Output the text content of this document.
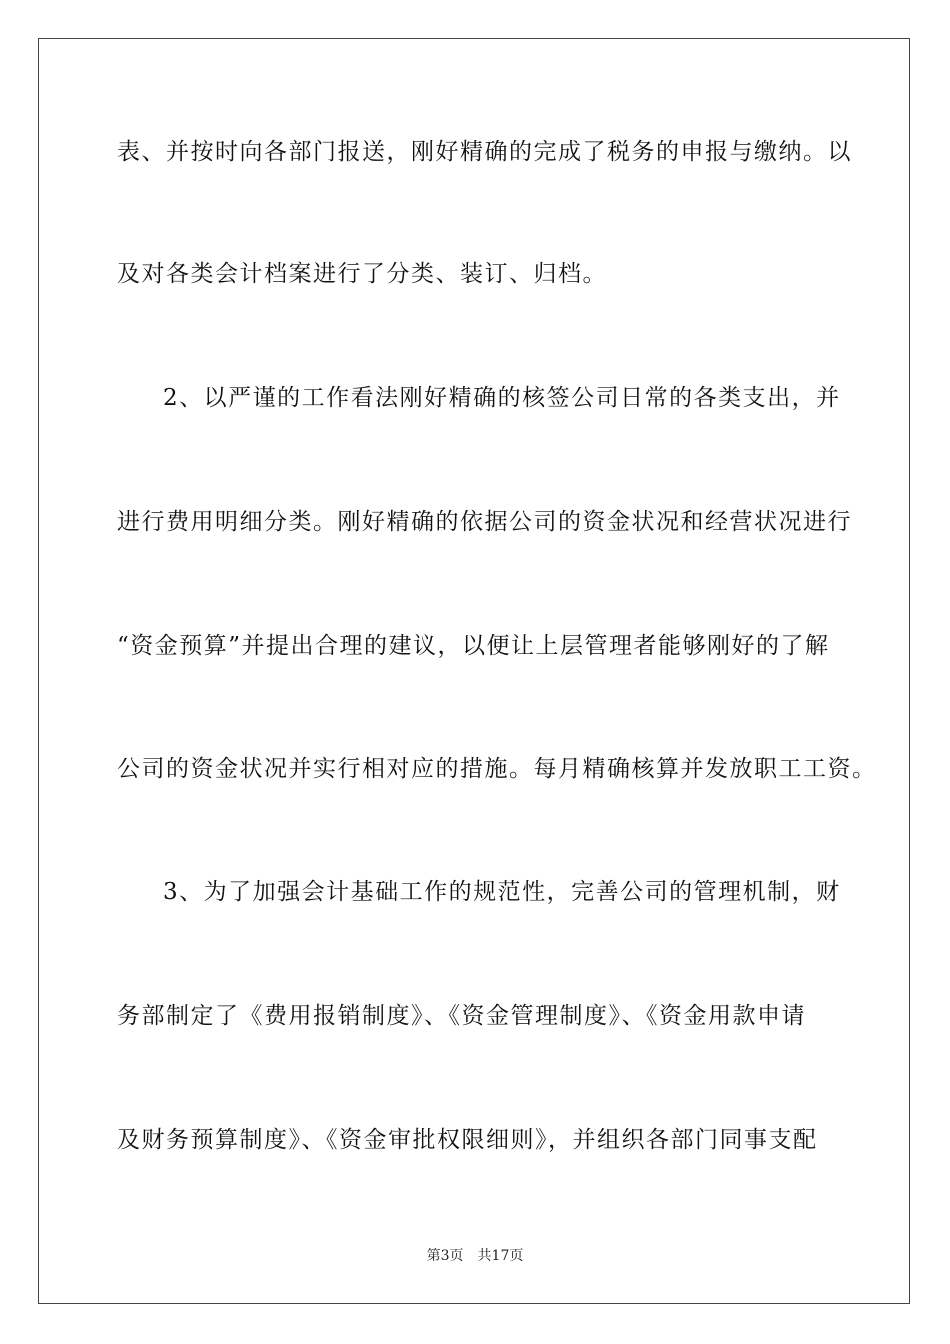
表、并按时向各部门报送，刚好精确的完成了税务的申报与缴纳。以
及对各类会计档案进行了分类、装订、归档。
2、以严谨的工作看法刚好精确的核签公司日常的各类支出，并
进行费用明细分类。刚好精确的依据公司的资金状况和经营状况进行
“资金预算”并提出合理的建议，以便让上层管理者能够刚好的了解
公司的资金状况并实行相对应的措施。每月精确核算并发放职工工资。
3、为了加强会计基础工作的规范性，完善公司的管理机制，财
务部制定了《费用报销制度》、《资金管理制度》、《资金用款申请
及财务预算制度》、《资金审批权限细则》，并组织各部门同事支配
第3页 共17页
